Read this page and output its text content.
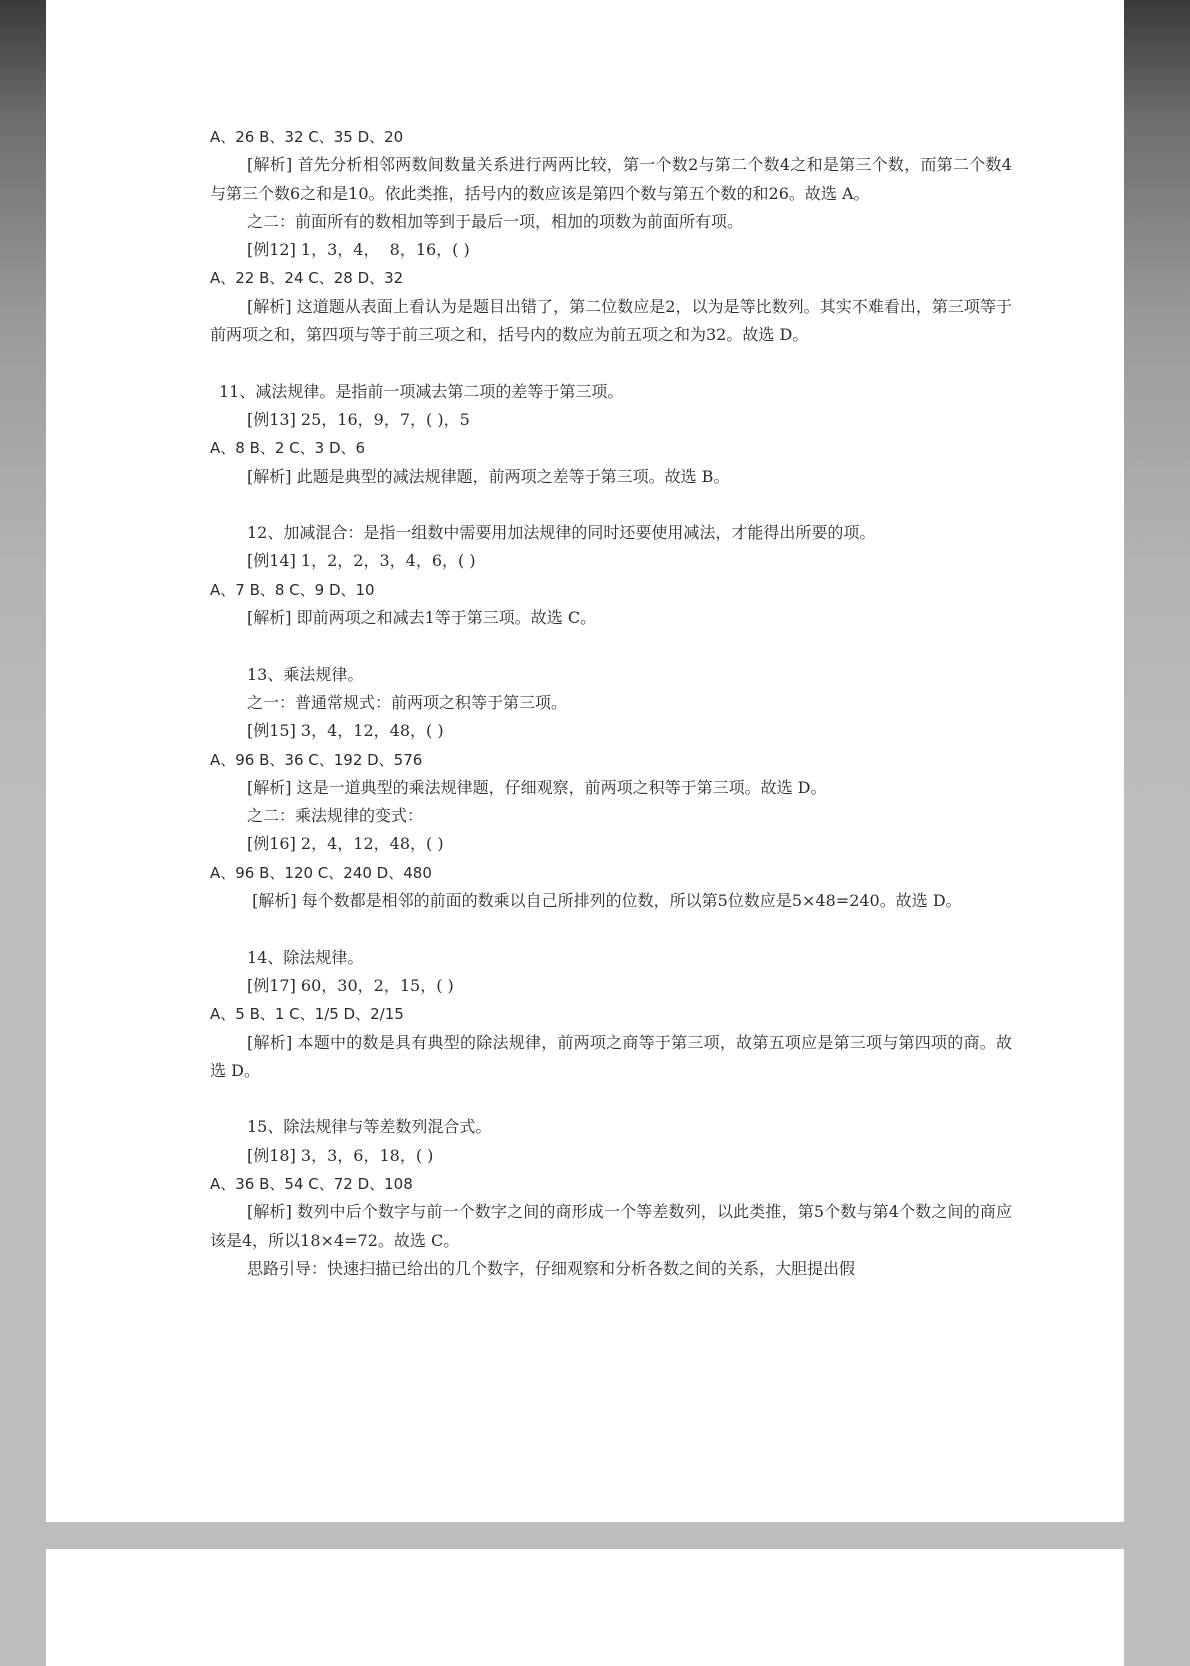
A、26 B、32 C、35 D、20
[解析] 首先分析相邻两数间数量关系进行两两比较，第一个数2与第二个数4之和是第三个数，而第二个数4与第三个数6之和是10。依此类推，括号内的数应该是第四个数与第五个数的和26。故选 A。
之二：前面所有的数相加等到于最后一项，相加的项数为前面所有项。
[例12] 1，3，4，  8，16，( )
A、22 B、24 C、28 D、32
[解析] 这道题从表面上看认为是题目出错了，第二位数应是2，以为是等比数列。其实不难看出，第三项等于前两项之和，第四项与等于前三项之和，括号内的数应为前五项之和为32。故选 D。
11、减法规律。是指前一项减去第二项的差等于第三项。
[例13] 25，16，9，7，( )，5
A、8 B、2 C、3 D、6
[解析] 此题是典型的减法规律题，前两项之差等于第三项。故选 B。
12、加减混合：是指一组数中需要用加法规律的同时还要使用减法，才能得出所要的项。
[例14] 1，2，2，3，4，6，( )
A、7 B、8 C、9 D、10
[解析] 即前两项之和减去1等于第三项。故选 C。
13、乘法规律。
之一：普通常规式：前两项之积等于第三项。
[例15] 3，4，12，48，( )
A、96 B、36 C、192 D、576
[解析] 这是一道典型的乘法规律题，仔细观察，前两项之积等于第三项。故选 D。
之二：乘法规律的变式：
[例16] 2，4，12，48，( )
A、96 B、120 C、240 D、480
[解析] 每个数都是相邻的前面的数乘以自己所排列的位数，所以第5位数应是5×48=240。故选 D。
14、除法规律。
[例17] 60，30，2，15，( )
A、5 B、1 C、1/5 D、2/15
[解析] 本题中的数是具有典型的除法规律，前两项之商等于第三项，故第五项应是第三项与第四项的商。故选 D。
15、除法规律与等差数列混合式。
[例18] 3，3，6，18，( )
A、36 B、54 C、72 D、108
[解析] 数列中后个数字与前一个数字之间的商形成一个等差数列，以此类推，第5个数与第4个数之间的商应该是4，所以18×4=72。故选 C。
思路引导：快速扫描已给出的几个数字，仔细观察和分析各数之间的关系，大胆提出假
